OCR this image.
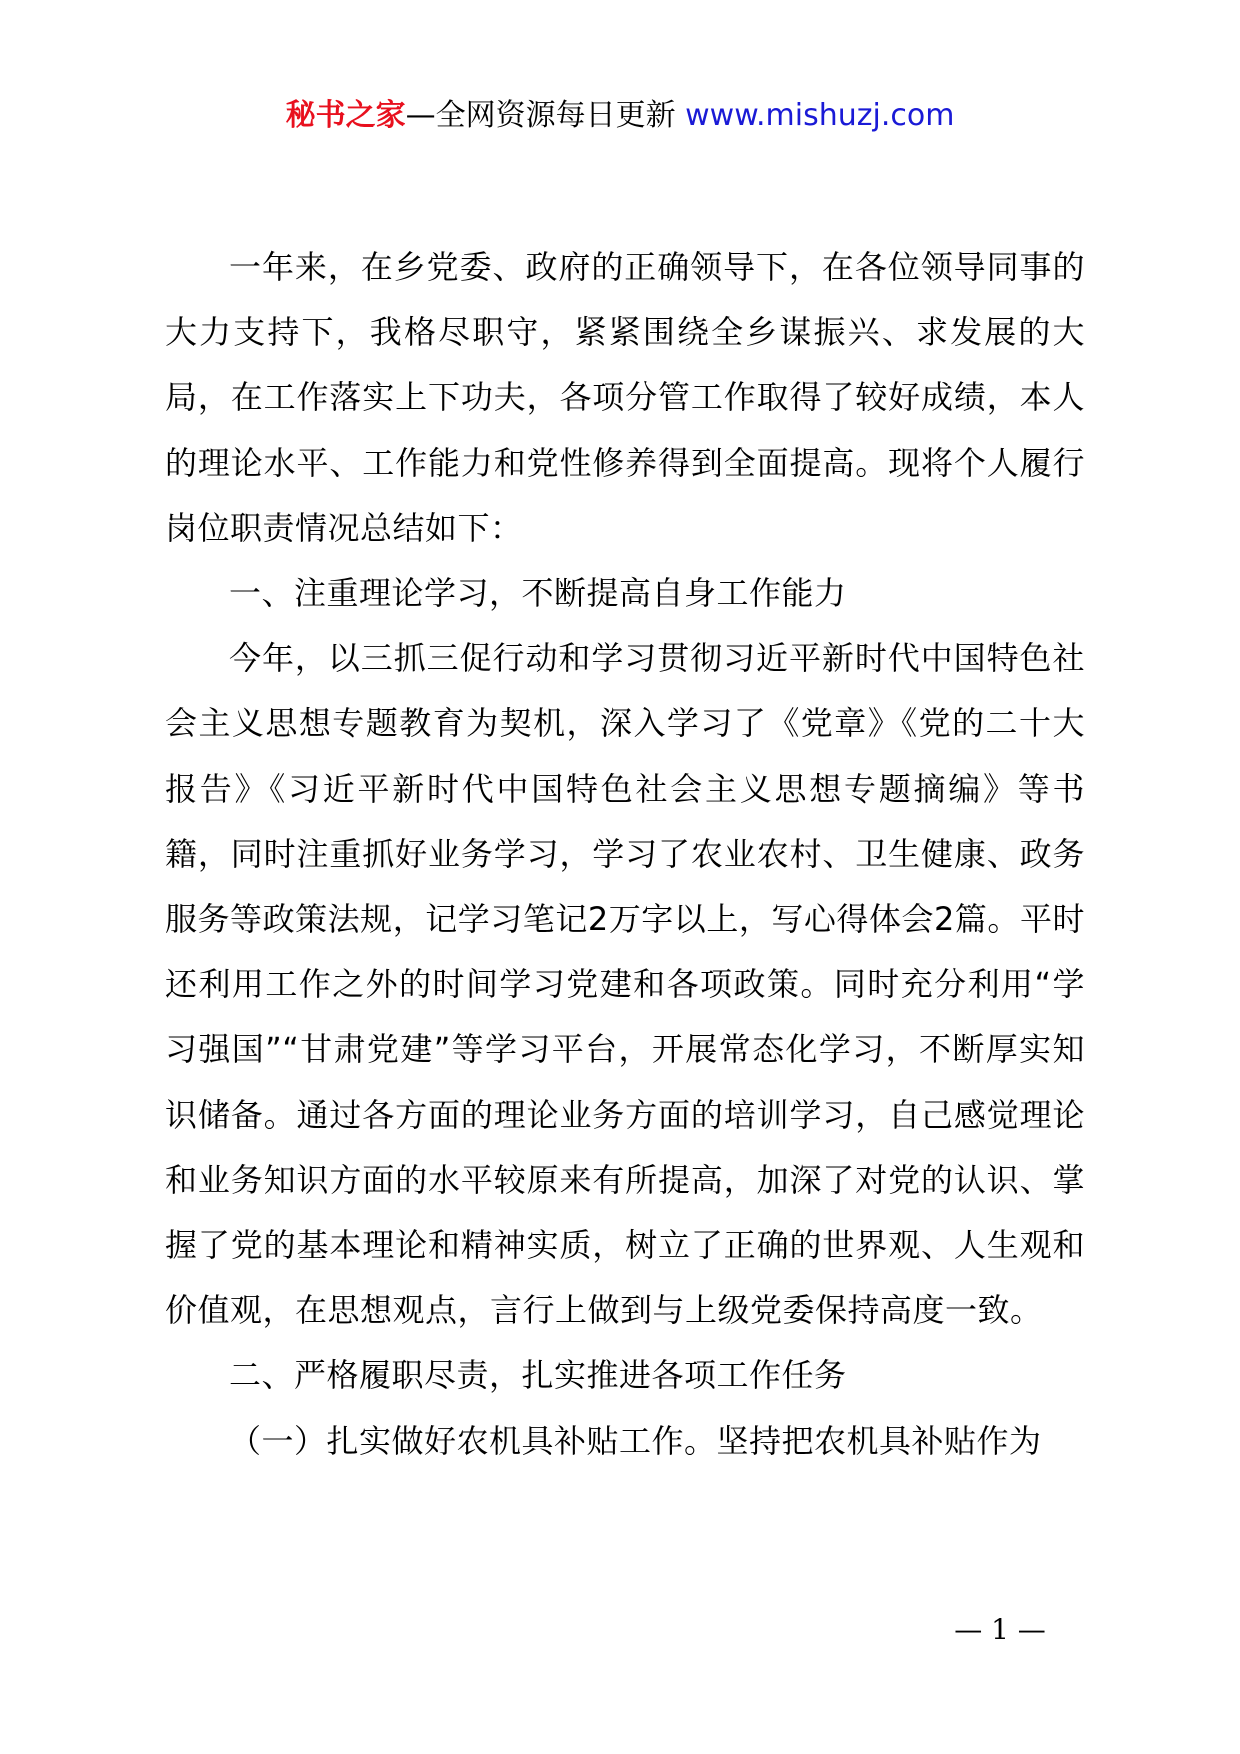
秘书之家—全网资源每日更新 www.mishuzj.com

一年来，在乡党委、政府的正确领导下，在各位领导同事的大力支持下，我格尽职守，紧紧围绕全乡谋振兴、求发展的大局，在工作落实上下功夫，各项分管工作取得了较好成绩，本人的理论水平、工作能力和党性修养得到全面提高。现将个人履行岗位职责情况总结如下：

一、注重理论学习，不断提高自身工作能力

今年，以三抓三促行动和学习贯彻习近平新时代中国特色社会主义思想专题教育为契机，深入学习了《党章》《党的二十大报告》《习近平新时代中国特色社会主义思想专题摘编》等书籍，同时注重抓好业务学习，学习了农业农村、卫生健康、政务服务等政策法规，记学习笔记2万字以上，写心得体会2篇。平时还利用工作之外的时间学习党建和各项政策。同时充分利用“学习强国”“甘肃党建”等学习平台，开展常态化学习，不断厚实知识储备。通过各方面的理论业务方面的培训学习，自己感觉理论和业务知识方面的水平较原来有所提高，加深了对党的认识、掌握了党的基本理论和精神实质，树立了正确的世界观、人生观和价值观，在思想观点，言行上做到与上级党委保持高度一致。

二、严格履职尽责，扎实推进各项工作任务

（一）扎实做好农机具补贴工作。坚持把农机具补贴作为

— 1 —
